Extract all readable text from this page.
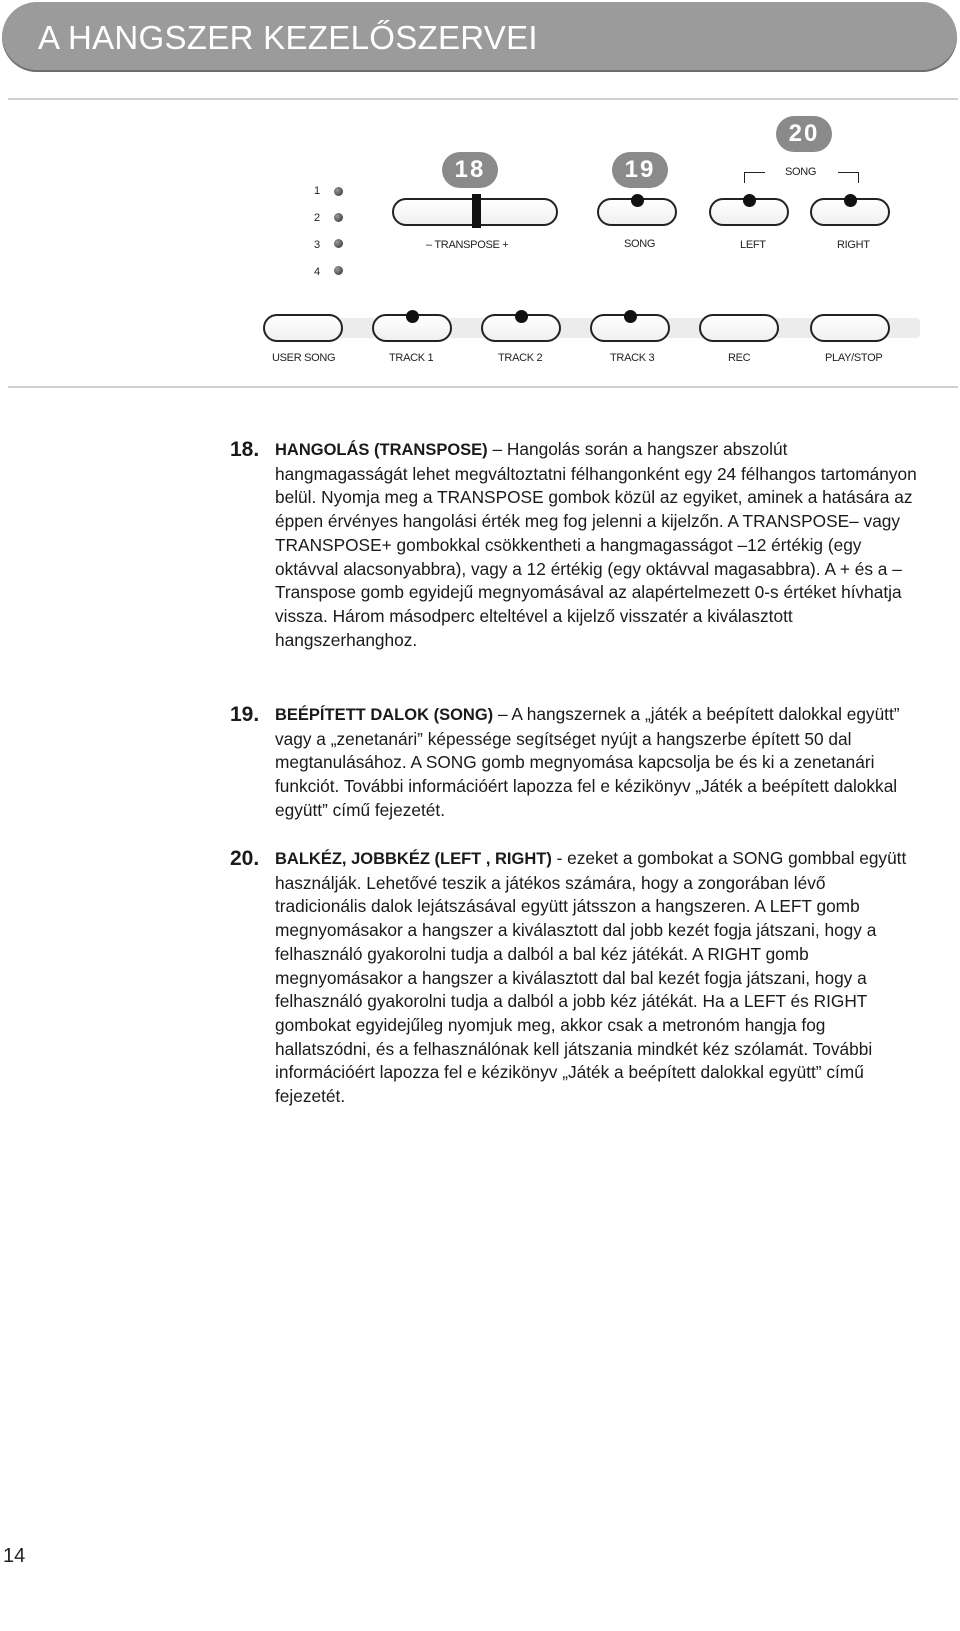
A HANGSZER KEZELŐSZERVEI
18	19
20
1
2
3
4
– TRANSPOSE +	SONG
SONG
LEFT	RIGHT
USER SONG	TRACK 1	TRACK 2	TRACK 3	REC	PLAY/STOP
18. HANGOLÁS (TRANSPOSE) – Hangolás során a hangszer abszolút hangmagasságát lehet megváltoztatni félhangonként egy 24 félhangos tartományon belül. Nyomja meg a TRANSPOSE gombok közül az egyiket, aminek a hatására az éppen érvényes hangolási érték meg fog jelenni a kijelzőn. A TRANSPOSE– vagy TRANSPOSE+ gombokkal csökkentheti a hangmagasságot –12 értékig (egy oktávval alacsonyabbra), vagy a 12 értékig (egy oktávval magasabbra). A + és a – Transpose gomb egyidejű megnyomásával az alapértelmezett 0-s értéket hívhatja vissza. Három másodperc elteltével a kijelző visszatér a kiválasztott hangszerhanghoz.
19. BEÉPÍTETT DALOK (SONG) – A hangszernek a „játék a beépített dalokkal együtt” vagy a „zenetanári” képessége segítséget nyújt a hangszerbe épített 50 dal megtanulásához. A SONG gomb megnyomása kapcsolja be és ki a zenetanári funkciót. További információért lapozza fel e kézikönyv „Játék a beépített dalokkal együtt” című fejezetét.
20. BALKÉZ, JOBBKÉZ (LEFT , RIGHT) - ezeket a gombokat a SONG gombbal együtt használják. Lehetővé teszik a játékos számára, hogy a zongorában lévő tradicionális dalok lejátszásával együtt játsszon a hangszeren. A LEFT gomb megnyomásakor a hangszer a kiválasztott dal jobb kezét fogja játszani, hogy a felhasználó gyakorolni tudja a dalból a bal kéz játékát. A RIGHT gomb megnyomásakor a hangszer a kiválasztott dal bal kezét fogja játszani, hogy a felhasználó gyakorolni tudja a dalból a jobb kéz játékát. Ha a LEFT és RIGHT gombokat egyidejűleg nyomjuk meg, akkor csak a metronóm hangja fog hallatszódni, és a felhasználónak kell játszania mindkét kéz szólamát. További információért lapozza fel e kézikönyv „Játék a beépített dalokkal együtt” című fejezetét.
14
